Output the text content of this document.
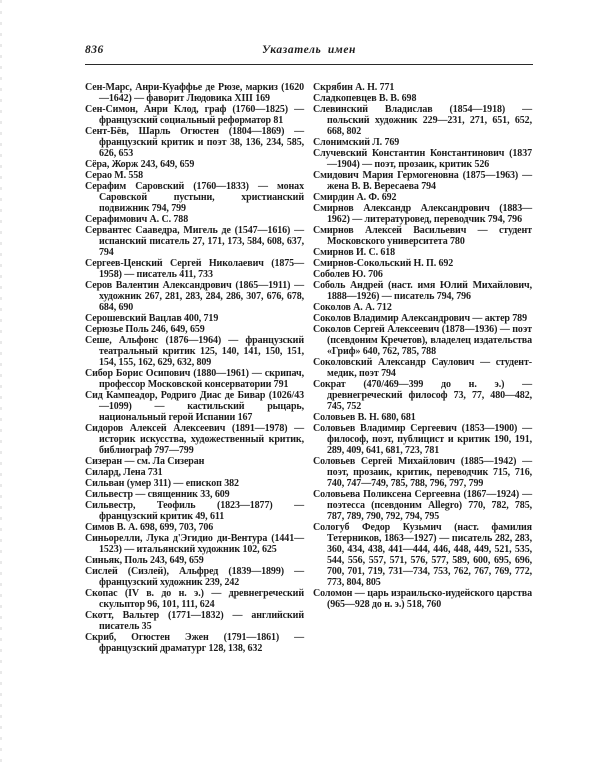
836	Указатель имен

Сен-Марс, Анри-Куаффье де Рюзе, маркиз (1620—1642) — фаворит Людовика XIII 169

Сен-Симон, Анри Клод, граф (1760—1825) — французский социальный реформатор 81

Сент-Бёв, Шарль Огюстен (1804—1869) — французский критик и поэт 38, 136, 234, 585, 626, 653

Сёра, Жорж 243, 649, 659

Серао М. 558

Серафим Саровский (1760—1833) — монах Саровской пустыни, христианский подвижник 794, 799

Серафимович А. С. 788

Сервантес Сааведра, Мигель де (1547—1616) — испанский писатель 27, 171, 173, 584, 608, 637, 794

Сергеев-Ценский Сергей Николаевич (1875—1958) — писатель 411, 733

Серов Валентин Александрович (1865—1911) — художник 267, 281, 283, 284, 286, 307, 676, 678, 684, 690

Серошевский Вацлав 400, 719

Серюзье Поль 246, 649, 659

Сеше, Альфонс (1876—1964) — французский театральный критик 125, 140, 141, 150, 151, 154, 155, 162, 629, 632, 809

Сибор Борис Осипович (1880—1961) — скрипач, профессор Московской консерватории 791

Сид Кампеадор, Родриго Диас де Бивар (1026/43—1099) — кастильский рыцарь, национальный герой Испании 167

Сидоров Алексей Алексеевич (1891—1978) — историк искусства, художественный критик, библиограф 797—799

Сизеран — см. Ла Сизеран

Силард, Лена 731

Сильван (умер 311) — епископ 382

Сильвестр — священник 33, 609

Сильвестр, Теофиль (1823—1877) — французский критик 49, 611

Симов В. А. 698, 699, 703, 706

Синьорелли, Лука д'Эгидио ди-Вентура (1441—1523) — итальянский художник 102, 625

Синьяк, Поль 243, 649, 659

Сислей (Сизлей), Альфред (1839—1899) — французский художник 239, 242

Скопас (IV в. до н. э.) — древнегреческий скульптор 96, 101, 111, 624

Скотт, Вальтер (1771—1832) — английский писатель 35

Скриб, Огюстен Эжен (1791—1861) — французский драматург 128, 138, 632

Скрябин А. Н. 771

Сладкопевцев В. В. 698

Слевинский Владислав (1854—1918) — польский художник 229—231, 271, 651, 652, 668, 802

Слонимский Л. 769

Случевский Константин Константинович (1837—1904) — поэт, прозаик, критик 526

Смидович Мария Гермогеновна (1875—1963) — жена В. В. Вересаева 794

Смирдин А. Ф. 692

Смирнов Александр Александрович (1883—1962) — литературовед, переводчик 794, 796

Смирнов Алексей Васильевич — студент Московского университета 780

Смирнов И. С. 618

Смирнов-Сокольский Н. П. 692

Соболев Ю. 706

Соболь Андрей (наст. имя Юлий Михайлович, 1888—1926) — писатель 794, 796

Соколов А. А. 712

Соколов Владимир Александрович — актер 789

Соколов Сергей Алексеевич (1878—1936) — поэт (псевдоним Кречетов), владелец издательства «Гриф» 640, 762, 785, 788

Соколовский Александр Саулович — студент-медик, поэт 794

Сократ (470/469—399 до н. э.) — древнегреческий философ 73, 77, 480—482, 745, 752

Соловьев В. Н. 680, 681

Соловьев Владимир Сергеевич (1853—1900) — философ, поэт, публицист и критик 190, 191, 289, 409, 641, 681, 723, 781

Соловьев Сергей Михайлович (1885—1942) — поэт, прозаик, критик, переводчик 715, 716, 740, 747—749, 785, 788, 796, 797, 799

Соловьева Поликсена Сергеевна (1867—1924) — поэтесса (псевдоним Allegro) 770, 782, 785, 787, 789, 790, 792, 794, 795

Сологуб Федор Кузьмич (наст. фамилия Тетерников, 1863—1927) — писатель 282, 283, 360, 434, 438, 441—444, 446, 448, 449, 521, 535, 544, 556, 557, 571, 576, 577, 589, 600, 695, 696, 700, 701, 719, 731—734, 753, 762, 767, 769, 772, 773, 804, 805

Соломон — царь израильско-иудейского царства (965—928 до н. э.) 518, 760
